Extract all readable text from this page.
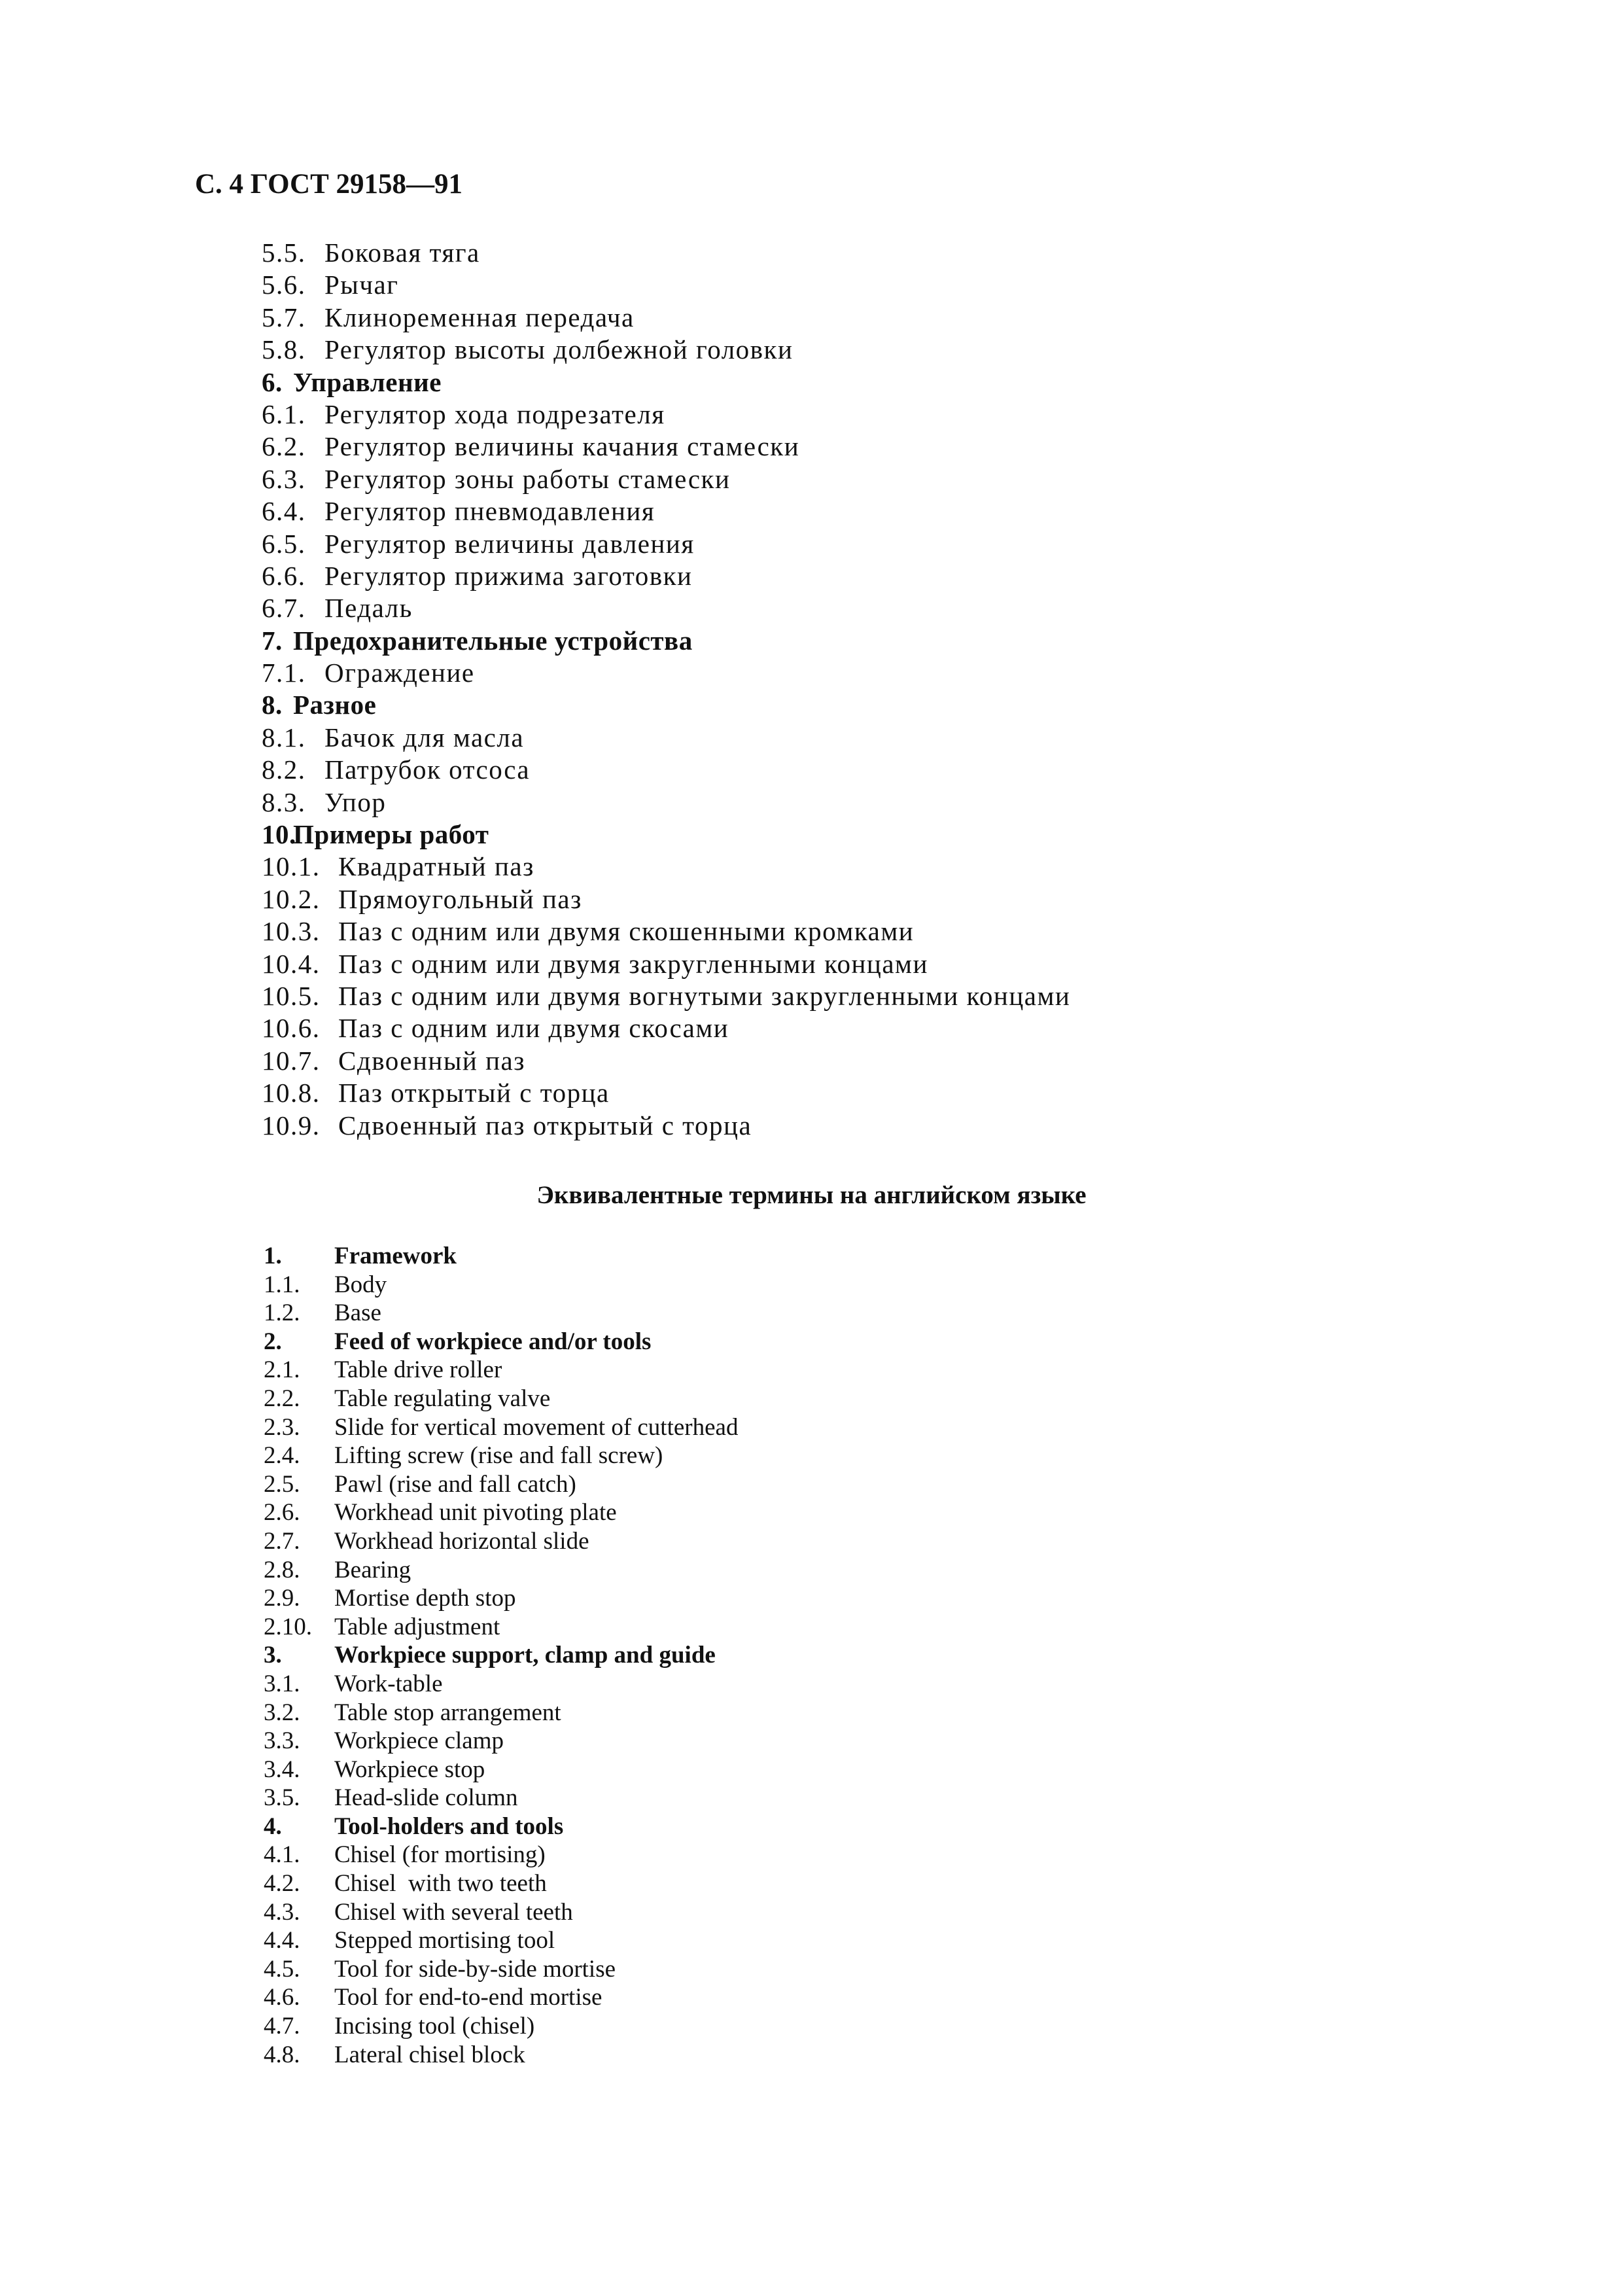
С. 4 ГОСТ 29158—91
5.5. Боковая тяга
5.6. Рычаг
5.7. Клиноременная передача
5.8. Регулятор высоты долбежной головки
6. Управление
6.1. Регулятор хода подрезателя
6.2. Регулятор величины качания стамески
6.3. Регулятор зоны работы стамески
6.4. Регулятор пневмодавления
6.5. Регулятор величины давления
6.6. Регулятор прижима заготовки
6.7. Педаль
7. Предохранительные устройства
7.1. Ограждение
8. Разное
8.1. Бачок для масла
8.2. Патрубок отсоса
8.3. Упор
10.Примеры работ
10.1. Квадратный паз
10.2. Прямоугольный паз
10.3. Паз с одним или двумя скошенными кромками
10.4. Паз с одним или двумя закругленными концами
10.5. Паз с одним или двумя вогнутыми закругленными концами
10.6. Паз с одним или двумя скосами
10.7. Сдвоенный паз
10.8. Паз открытый с торца
10.9. Сдвоенный паз открытый с торца
Эквивалентные термины на английском языке
1. Framework
1.1. Body
1.2. Base
2. Feed of workpiece and/or tools
2.1. Table drive roller
2.2. Table regulating valve
2.3. Slide for vertical movement of cutterhead
2.4. Lifting screw (rise and fall screw)
2.5. Pawl (rise and fall catch)
2.6. Workhead unit pivoting plate
2.7. Workhead horizontal slide
2.8. Bearing
2.9. Mortise depth stop
2.10. Table adjustment
3. Workpiece support, clamp and guide
3.1. Work-table
3.2. Table stop arrangement
3.3. Workpiece clamp
3.4. Workpiece stop
3.5. Head-slide column
4. Tool-holders and tools
4.1. Chisel (for mortising)
4.2. Chisel  with two teeth
4.3. Chisel with several teeth
4.4. Stepped mortising tool
4.5. Tool for side-by-side mortise
4.6. Tool for end-to-end mortise
4.7. Incising tool (chisel)
4.8. Lateral chisel block
